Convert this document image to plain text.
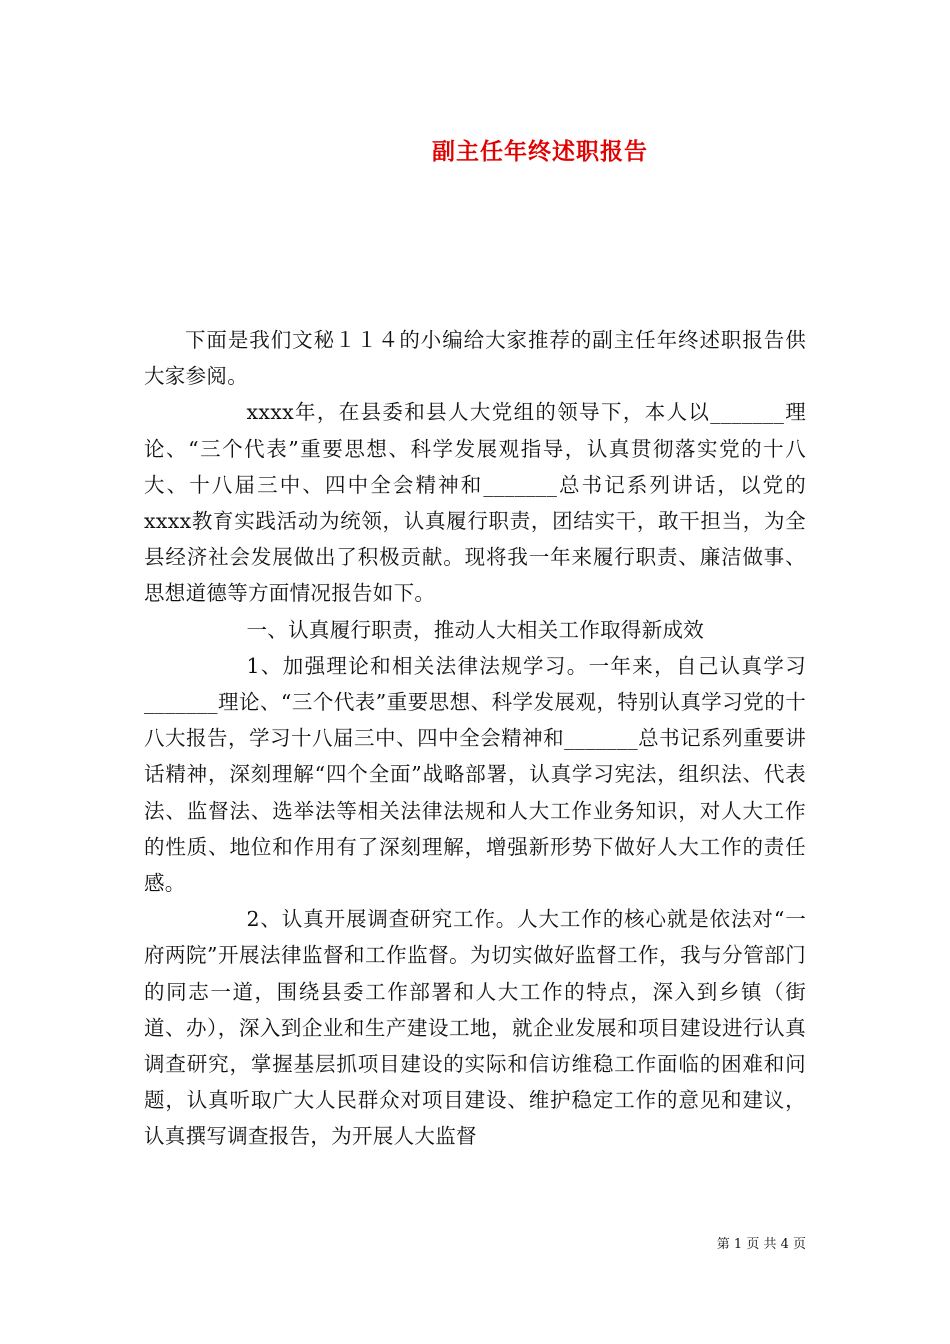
副主任年终述职报告

下面是我们文秘１１４的小编给大家推荐的副主任年终述职报告供大家参阅。

xxxx年，在县委和县人大党组的领导下，本人以_______理论、“三个代表”重要思想、科学发展观指导，认真贯彻落实党的十八大、十八届三中、四中全会精神和_______总书记系列讲话，以党的xxxx教育实践活动为统领，认真履行职责，团结实干，敢干担当，为全县经济社会发展做出了积极贡献。现将我一年来履行职责、廉洁做事、思想道德等方面情况报告如下。

一、认真履行职责，推动人大相关工作取得新成效

1、加强理论和相关法律法规学习。一年来，自己认真学习_______理论、“三个代表”重要思想、科学发展观，特别认真学习党的十八大报告，学习十八届三中、四中全会精神和_______总书记系列重要讲话精神，深刻理解“四个全面”战略部署，认真学习宪法，组织法、代表法、监督法、选举法等相关法律法规和人大工作业务知识，对人大工作的性质、地位和作用有了深刻理解，增强新形势下做好人大工作的责任感。

2、认真开展调查研究工作。人大工作的核心就是依法对“一府两院”开展法律监督和工作监督。为切实做好监督工作，我与分管部门的同志一道，围绕县委工作部署和人大工作的特点，深入到乡镇（街道、办），深入到企业和生产建设工地，就企业发展和项目建设进行认真调查研究，掌握基层抓项目建设的实际和信访维稳工作面临的困难和问题，认真听取广大人民群众对项目建设、维护稳定工作的意见和建议，认真撰写调查报告，为开展人大监督

第 1 页 共 4 页
